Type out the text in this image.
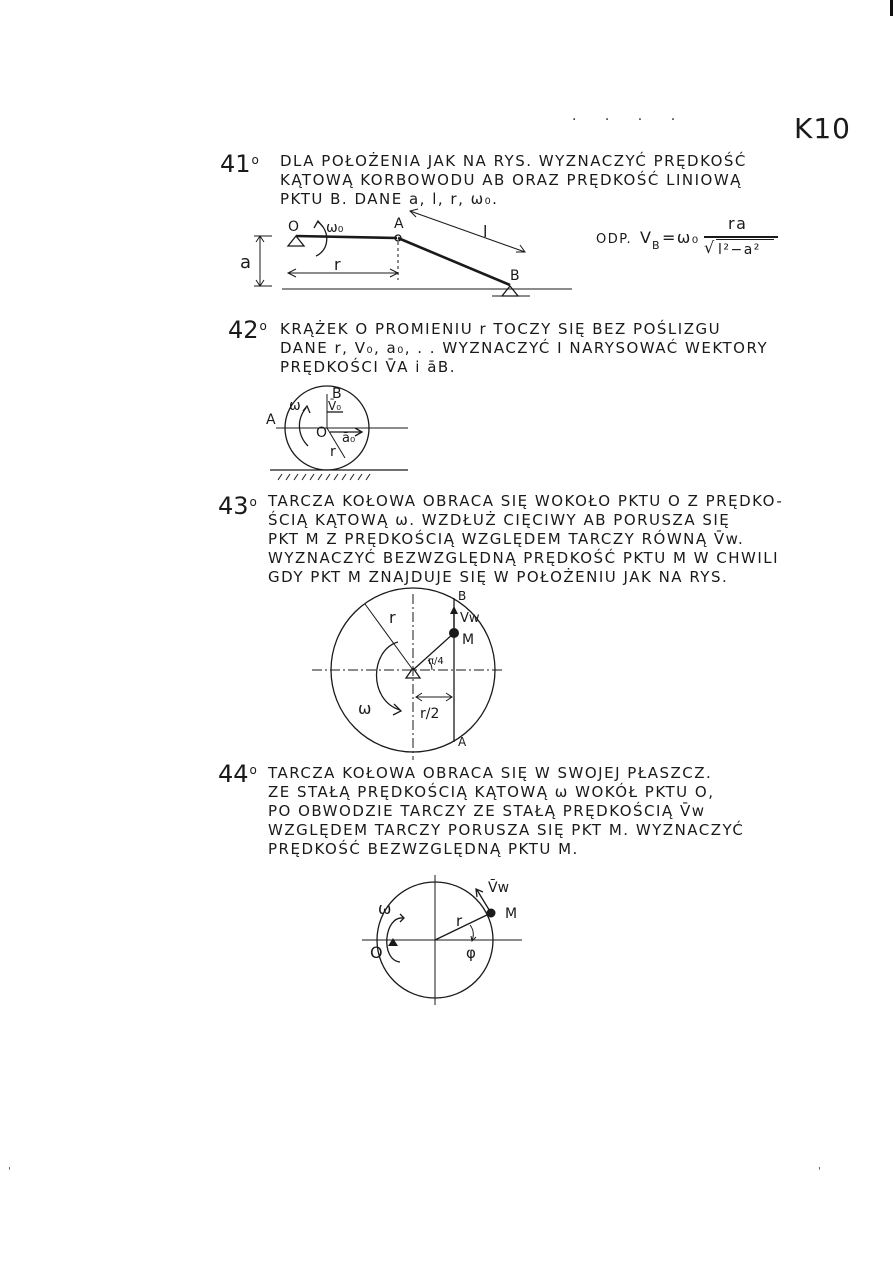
· · · ·	K10
41$^o$ DLA POŁOŻENIA JAK NA RYS. WYZNACZYĆ PRĘDKOŚĆ
KĄTOWĄ KORBOWODU AB ORAZ PRĘDKOŚĆ LINIOWĄ
PKTU B. DANE a, l, r, ω₀.
ODP. V B =ω₀
ra
√ l²−a²
O ω₀	A	l
B
a	r
42$^o$ KRĄŻEK O PROMIENIU r TOCZY SIĘ BEZ POŚLIZGU
DANE r, V₀, a₀, . . WYZNACZYĆ I NARYSOWAĆ WEKTORY
PRĘDKOŚCI V̄A i āB.
B
A
ω V̄₀
O ā₀
r
43$^o$ TARCZA KOŁOWA OBRACA SIĘ WOKOŁO PKTU O Z PRĘDKO-
ŚCIĄ KĄTOWĄ ω. WZDŁUŻ CIĘCIWY AB PORUSZA SIĘ
PKT M Z PRĘDKOŚCIĄ WZGLĘDEM TARCZY RÓWNĄ V̄w.
WYZNACZYĆ BEZWZGLĘDNĄ PRĘDKOŚĆ PKTU M W CHWILI
GDY PKT M ZNAJDUJE SIĘ W POŁOŻENIU JAK NA RYS.
B
Vw
M
r
π/4
ω	r/2
A
44$^o$ TARCZA KOŁOWA OBRACA SIĘ W SWOJEJ PŁASZCZ.
ZE STAŁĄ PRĘDKOŚCIĄ KĄTOWĄ ω WOKÓŁ PKTU O,
PO OBWODZIE TARCZY ZE STAŁĄ PRĘDKOŚCIĄ V̄w
WZGLĘDEM TARCZY PORUSZA SIĘ PKT M. WYZNACZYĆ
PRĘDKOŚĆ BEZWZGLĘDNĄ PKTU M.
V̄w
ω	M
r
O	φ
'	'
